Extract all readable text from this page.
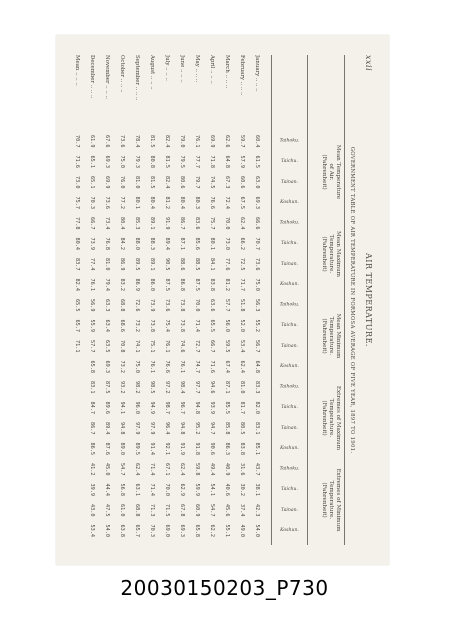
xxii
AIR TEMPERATURE.
GOVERNMENT TABLE OF AIR TEMPERATURE IN FORMOSA AVERAGE OF FIVE YEAR, 1897 TO 1901.
Mean Temperature
of Air.
(Fahrenheit)
Mean Maximum
Temperature.
(Fahrenheit)
Mean Minimum
Temperature.
(Fahrenheit)
Extremes of Maximum
Temperature.
(Fahrenheit)
Extremes of Minimum
Temperature.
(Fahrenheit)
Taihoku.
Taichu.
Tainan.
Koshun.
Taihoku.
Taichu.
Tainan.
Koshun.
Taihoku.
Taichu.
Tainan.
Koshun.
Taihoku.
Taichu.
Tainan.
Koshun.
Taihoku.
Taichu.
Tainan.
Koshun.
January .. .. ..
60.4
61.5
63.0
69.3
66.6
70.7
73.6
75.0
56.3
55.2
56.7
64.8
83.3
82.0
83.1
85.1
43.7
38.1
42.3
54.0
February .. .. ..
59.7
57.9
60.6
67.5
62.4
66.2
72.5
71.7
51.8
52.0
53.4
62.4
81.0
81.7
80.5
83.8
31.6
30.2
37.4
49.0
March .. .. ..
62.6
64.8
67.3
72.4
70.0
73.0
77.6
81.2
57.7
56.0
59.5
67.4
87.1
85.5
85.8
86.3
40.9
40.6
45.6
55.1
April .. .. ..
69.9
71.8
74.5
76.6
75.7
80.1
84.1
83.8
63.6
65.5
66.7
71.6
94.6
93.9
94.7
90.6
49.4
54.1
54.7
62.2
May .. .. ..
76.1
77.7
79.7
80.3
83.6
85.6
88.5
87.5
70.0
71.4
72.7
74.7
97.7
94.8
95.2
91.8
59.8
59.9
60.9
65.8
June .. .. ..
79.0
79.5
80.6
80.4
86.7
87.1
88.6
86.8
73.8
73.8
74.6
76.1
98.4
96.7
94.8
91.9
62.4
62.9
67.8
69.3
July .. .. ..
82.4
81.5
82.4
81.2
91.9
89.4
90.5
87.5
73.6
75.4
76.1
76.6
97.2
98.7
96.4
92.1
67.1
70.0
71.5
69.0
August .. .. ..
81.5
80.8
81.5
80.4
89.1
88.3
89.1
86.0
73.9
73.8
75.1
76.1
98.5
94.9
97.9
91.4
71.4
71.4
71.3
70.3
September .. .. ..
78.4
79.3
81.0
80.1
85.3
88.0
89.5
86.9
72.6
73.2
74.1
75.0
98.2
96.0
97.9
89.5
62.4
63.1
68.8
65.7
October .. .. ..
73.6
75.0
76.0
77.2
80.4
84.2
86.9
83.2
68.8
68.6
70.8
73.2
93.2
94.1
94.8
89.0
54.7
56.8
61.0
63.8
November .. .. ..
67.6
69.3
69.9
73.6
73.4
76.8
81.0
79.4
63.3
63.4
63.5
69.3
87.5
89.6
89.4
87.6
45.0
44.4
47.5
54.0
December .. .. ..
61.9
65.1
65.1
70.3
66.7
73.9
77.4
76.1
56.9
55.9
57.7
65.8
83.1
84.7
86.7
86.5
41.2
39.9
43.0
53.4
Mean .. .. ..
70.7
71.6
73.0
75.7
77.8
80.4
83.7
82.4
65.5
65.7
71.1
20030150203_P730
